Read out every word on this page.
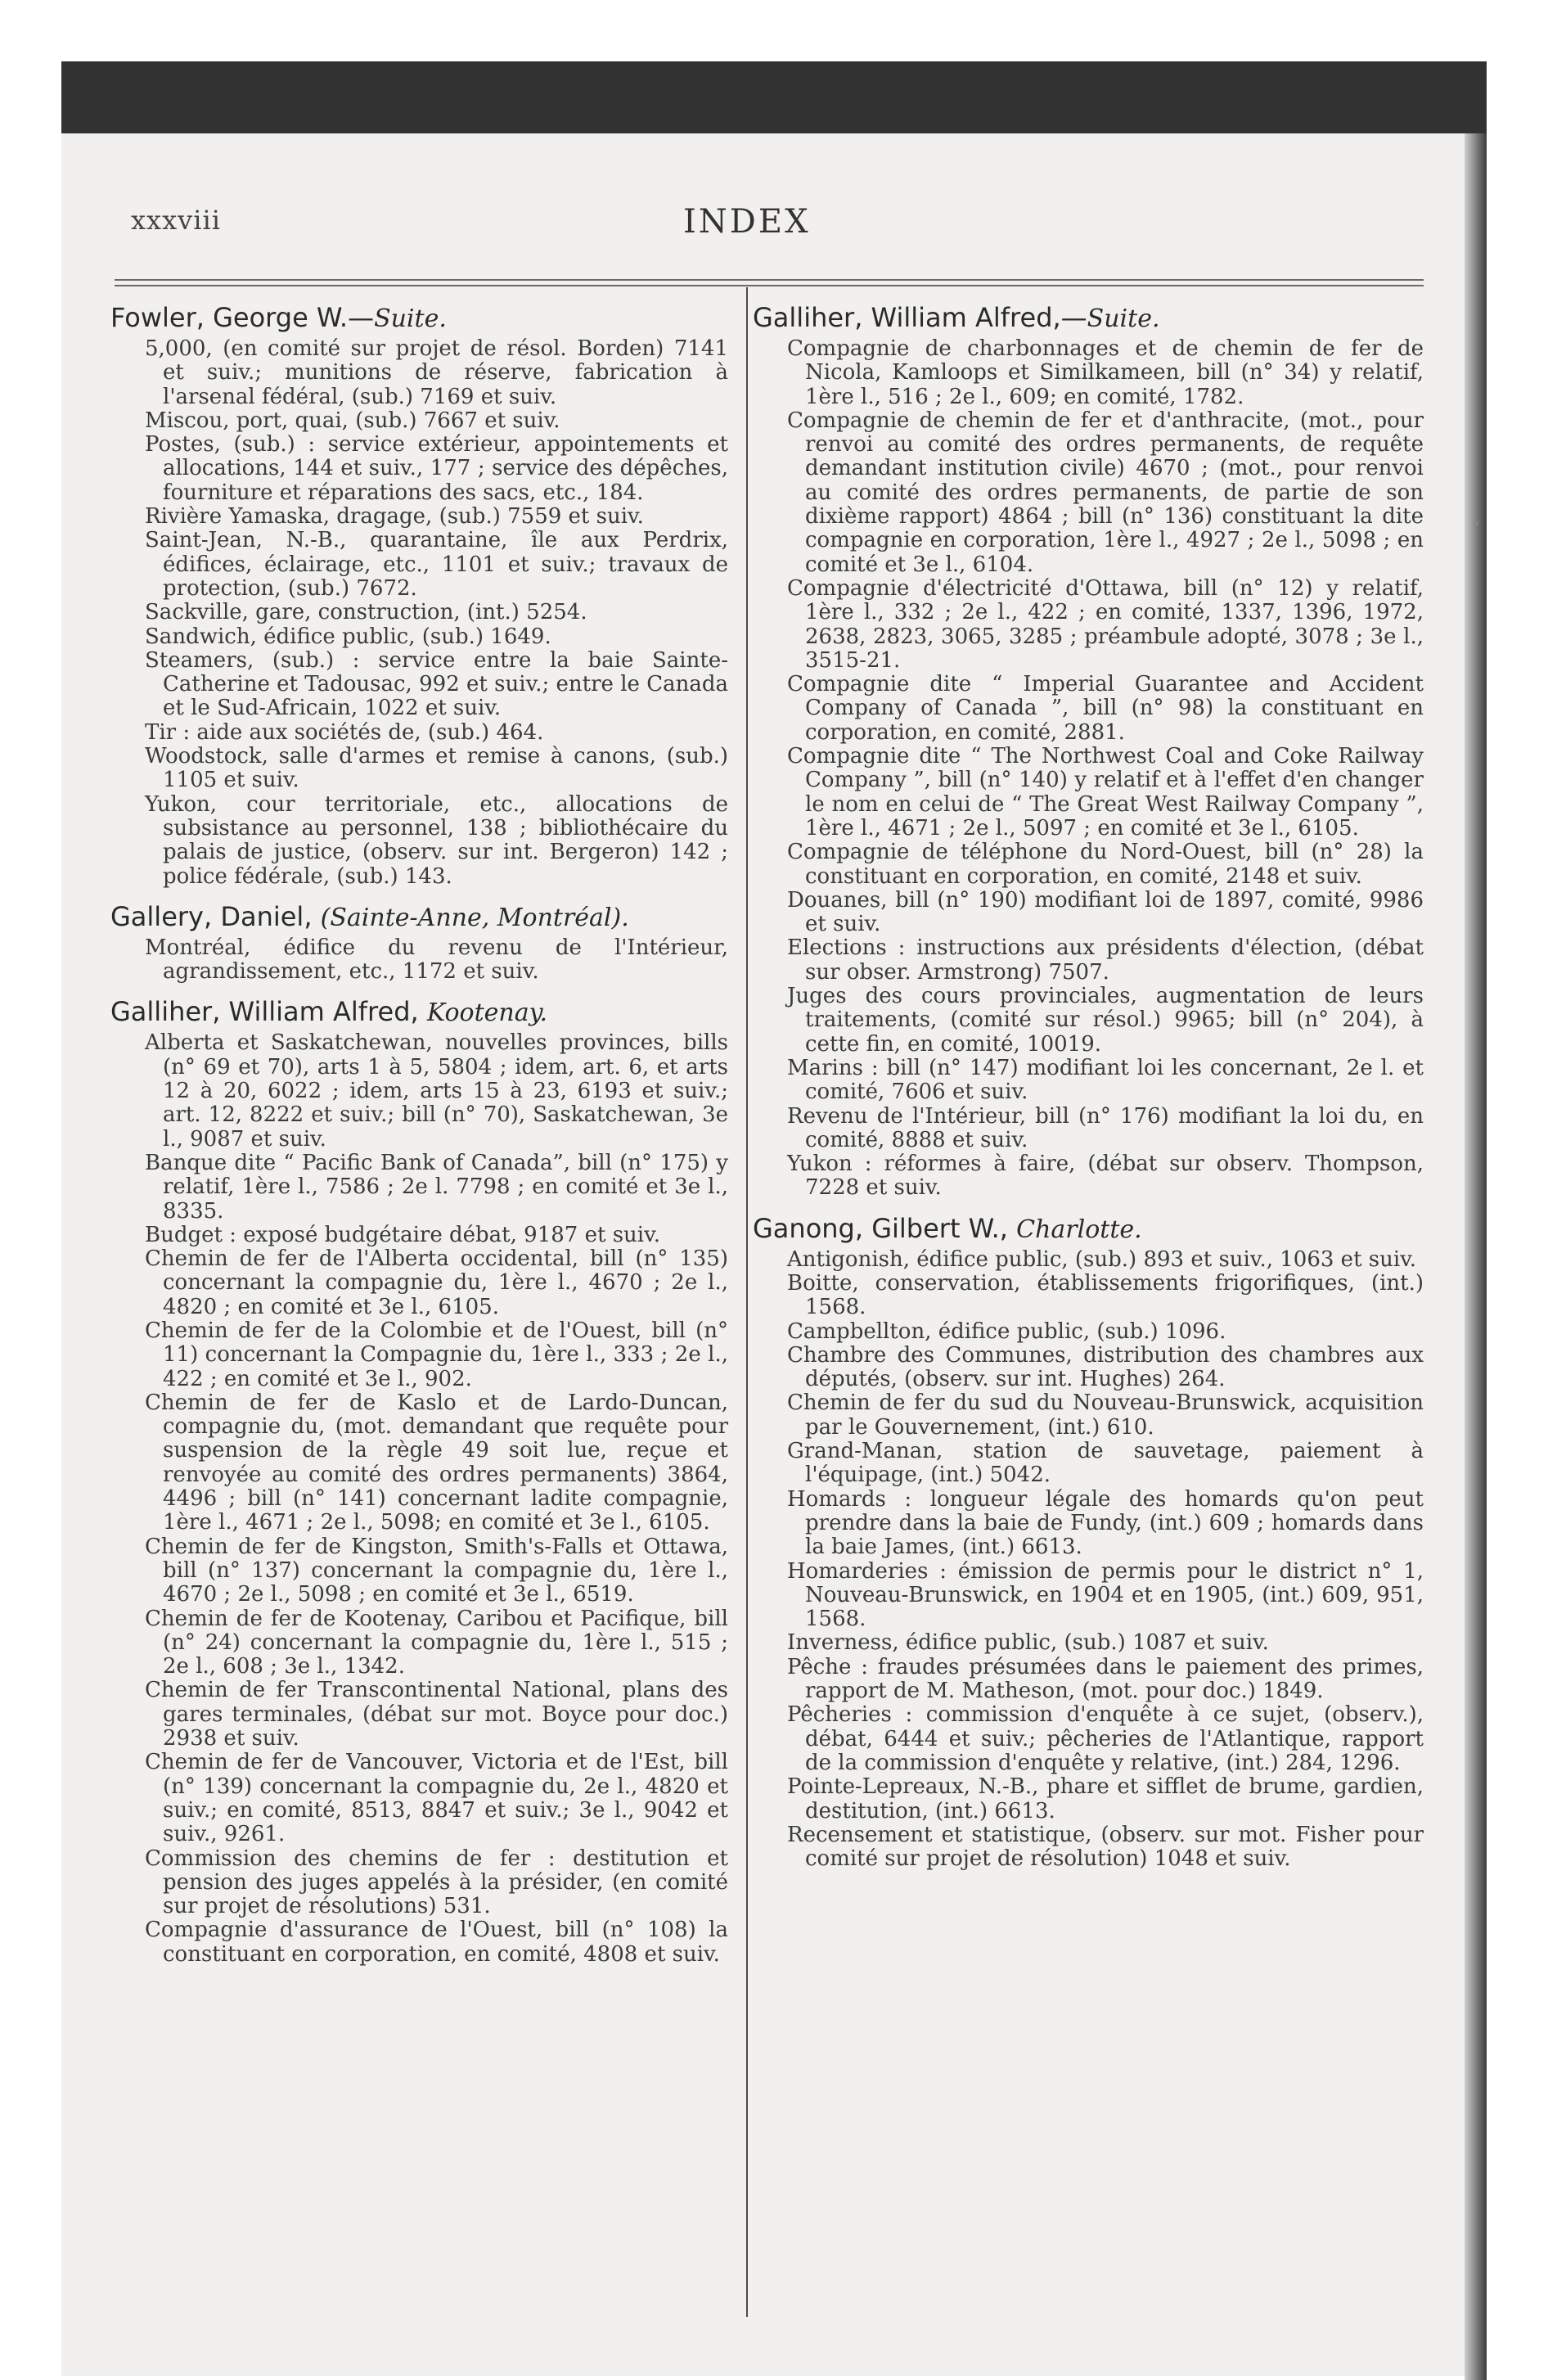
xxxviii	INDEX
⋆
Fowler, George W.—Suite.
5,000, (en comité sur projet de résol. Borden) 7141 et suiv.; munitions de réserve, fabrication à l'arsenal fédéral, (sub.) 7169 et suiv.
Miscou, port, quai, (sub.) 7667 et suiv.
Postes, (sub.) : service extérieur, appointements et allocations, 144 et suiv., 177 ; service des dépêches, fourniture et réparations des sacs, etc., 184.
Rivière Yamaska, dragage, (sub.) 7559 et suiv.
Saint-Jean, N.-B., quarantaine, île aux Perdrix, édifices, éclairage, etc., 1101 et suiv.; travaux de protection, (sub.) 7672.
Sackville, gare, construction, (int.) 5254.
Sandwich, édifice public, (sub.) 1649.
Steamers, (sub.) : service entre la baie Sainte-Catherine et Tadousac, 992 et suiv.; entre le Canada et le Sud-Africain, 1022 et suiv.
Tir : aide aux sociétés de, (sub.) 464.
Woodstock, salle d'armes et remise à canons, (sub.) 1105 et suiv.
Yukon, cour territoriale, etc., allocations de subsistance au personnel, 138 ; bibliothécaire du palais de justice, (observ. sur int. Bergeron) 142 ; police fédérale, (sub.) 143.
Gallery, Daniel, (Sainte-Anne, Montréal).
Montréal, édifice du revenu de l'Intérieur, agrandissement, etc., 1172 et suiv.
Galliher, William Alfred, Kootenay.
Alberta et Saskatchewan, nouvelles provinces, bills (n° 69 et 70), arts 1 à 5, 5804 ; idem, art. 6, et arts 12 à 20, 6022 ; idem, arts 15 à 23, 6193 et suiv.; art. 12, 8222 et suiv.; bill (n° 70), Saskatchewan, 3e l., 9087 et suiv.
Banque dite “ Pacific Bank of Canada”, bill (n° 175) y relatif, 1ère l., 7586 ; 2e l. 7798 ; en comité et 3e l., 8335.
Budget : exposé budgétaire débat, 9187 et suiv.
Chemin de fer de l'Alberta occidental, bill (n° 135) concernant la compagnie du, 1ère l., 4670 ; 2e l., 4820 ; en comité et 3e l., 6105.
Chemin de fer de la Colombie et de l'Ouest, bill (n° 11) concernant la Compagnie du, 1ère l., 333 ; 2e l., 422 ; en comité et 3e l., 902.
Chemin de fer de Kaslo et de Lardo-Duncan, compagnie du, (mot. demandant que requête pour suspension de la règle 49 soit lue, reçue et renvoyée au comité des ordres permanents) 3864, 4496 ; bill (n° 141) concernant ladite compagnie, 1ère l., 4671 ; 2e l., 5098; en comité et 3e l., 6105.
Chemin de fer de Kingston, Smith's-Falls et Ottawa, bill (n° 137) concernant la compagnie du, 1ère l., 4670 ; 2e l., 5098 ; en comité et 3e l., 6519.
Chemin de fer de Kootenay, Caribou et Pacifique, bill (n° 24) concernant la compagnie du, 1ère l., 515 ; 2e l., 608 ; 3e l., 1342.
Chemin de fer Transcontinental National, plans des gares terminales, (débat sur mot. Boyce pour doc.) 2938 et suiv.
Chemin de fer de Vancouver, Victoria et de l'Est, bill (n° 139) concernant la compagnie du, 2e l., 4820 et suiv.; en comité, 8513, 8847 et suiv.; 3e l., 9042 et suiv., 9261.
Commission des chemins de fer : destitution et pension des juges appelés à la présider, (en comité sur projet de résolutions) 531.
Compagnie d'assurance de l'Ouest, bill (n° 108) la constituant en corporation, en comité, 4808 et suiv.
Galliher, William Alfred,—Suite.
Compagnie de charbonnages et de chemin de fer de Nicola, Kamloops et Similkameen, bill (n° 34) y relatif, 1ère l., 516 ; 2e l., 609; en comité, 1782.
Compagnie de chemin de fer et d'anthracite, (mot., pour renvoi au comité des ordres permanents, de requête demandant institution civile) 4670 ; (mot., pour renvoi au comité des ordres permanents, de partie de son dixième rapport) 4864 ; bill (n° 136) constituant la dite compagnie en corporation, 1ère l., 4927 ; 2e l., 5098 ; en comité et 3e l., 6104.
Compagnie d'électricité d'Ottawa, bill (n° 12) y relatif, 1ère l., 332 ; 2e l., 422 ; en comité, 1337, 1396, 1972, 2638, 2823, 3065, 3285 ; préambule adopté, 3078 ; 3e l., 3515-21.
Compagnie dite “ Imperial Guarantee and Accident Company of Canada ”, bill (n° 98) la constituant en corporation, en comité, 2881.
Compagnie dite “ The Northwest Coal and Coke Railway Company ”, bill (n° 140) y relatif et à l'effet d'en changer le nom en celui de “ The Great West Railway Company ”, 1ère l., 4671 ; 2e l., 5097 ; en comité et 3e l., 6105.
Compagnie de téléphone du Nord-Ouest, bill (n° 28) la constituant en corporation, en comité, 2148 et suiv.
Douanes, bill (n° 190) modifiant loi de 1897, comité, 9986 et suiv.
Elections : instructions aux présidents d'élection, (débat sur obser. Armstrong) 7507.
Juges des cours provinciales, augmentation de leurs traitements, (comité sur résol.) 9965; bill (n° 204), à cette fin, en comité, 10019.
Marins : bill (n° 147) modifiant loi les concernant, 2e l. et comité, 7606 et suiv.
Revenu de l'Intérieur, bill (n° 176) modifiant la loi du, en comité, 8888 et suiv.
Yukon : réformes à faire, (débat sur observ. Thompson, 7228 et suiv.
Ganong, Gilbert W., Charlotte.
Antigonish, édifice public, (sub.) 893 et suiv., 1063 et suiv.
Boitte, conservation, établissements frigorifiques, (int.) 1568.
Campbellton, édifice public, (sub.) 1096.
Chambre des Communes, distribution des chambres aux députés, (observ. sur int. Hughes) 264.
Chemin de fer du sud du Nouveau-Brunswick, acquisition par le Gouvernement, (int.) 610.
Grand-Manan, station de sauvetage, paiement à l'équipage, (int.) 5042.
Homards : longueur légale des homards qu'on peut prendre dans la baie de Fundy, (int.) 609 ; homards dans la baie James, (int.) 6613.
Homarderies : émission de permis pour le district n° 1, Nouveau-Brunswick, en 1904 et en 1905, (int.) 609, 951, 1568.
Inverness, édifice public, (sub.) 1087 et suiv.
Pêche : fraudes présumées dans le paiement des primes, rapport de M. Matheson, (mot. pour doc.) 1849.
Pêcheries : commission d'enquête à ce sujet, (observ.), débat, 6444 et suiv.; pêcheries de l'Atlantique, rapport de la commission d'enquête y relative, (int.) 284, 1296.
Pointe-Lepreaux, N.-B., phare et sifflet de brume, gardien, destitution, (int.) 6613.
Recensement et statistique, (observ. sur mot. Fisher pour comité sur projet de résolution) 1048 et suiv.
